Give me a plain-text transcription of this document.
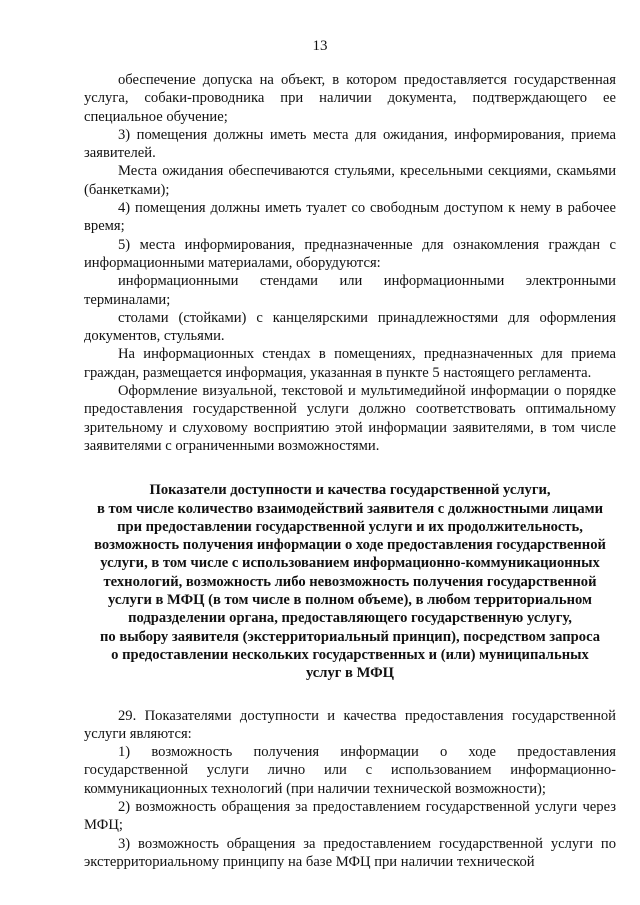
13

обеспечение допуска на объект, в котором предоставляется государственная услуга, собаки-проводника при наличии документа, подтверждающего ее специальное обучение;

3) помещения должны иметь места для ожидания, информирования, приема заявителей.

Места ожидания обеспечиваются стульями, кресельными секциями, скамьями (банкетками);

4) помещения должны иметь туалет со свободным доступом к нему в рабочее время;

5) места информирования, предназначенные для ознакомления граждан с информационными материалами, оборудуются:

информационными стендами или информационными электронными терминалами;

столами (стойками) с канцелярскими принадлежностями для оформления документов, стульями.

На информационных стендах в помещениях, предназначенных для приема граждан, размещается информация, указанная в пункте 5 настоящего регламента.

Оформление визуальной, текстовой и мультимедийной информации о порядке предоставления государственной услуги должно соответствовать оптимальному зрительному и слуховому восприятию этой информации заявителями, в том числе заявителями с ограниченными возможностями.

Показатели доступности и качества государственной услуги,
в том числе количество взаимодействий заявителя с должностными лицами
при предоставлении государственной услуги и их продолжительность,
возможность получения информации о ходе предоставления государственной
услуги, в том числе с использованием информационно-коммуникационных
технологий, возможность либо невозможность получения государственной
услуги в МФЦ (в том числе в полном объеме), в любом территориальном
подразделении органа, предоставляющего государственную услугу,
по выбору заявителя (экстерриториальный принцип), посредством запроса
о предоставлении нескольких государственных и (или) муниципальных
услуг в МФЦ

29. Показателями доступности и качества предоставления государственной услуги являются:

1) возможность получения информации о ходе предоставления государственной услуги лично или с использованием информационно-коммуникационных технологий (при наличии технической возможности);

2) возможность обращения за предоставлением государственной услуги через МФЦ;

3) возможность обращения за предоставлением государственной услуги по экстерриториальному принципу на базе МФЦ при наличии технической
